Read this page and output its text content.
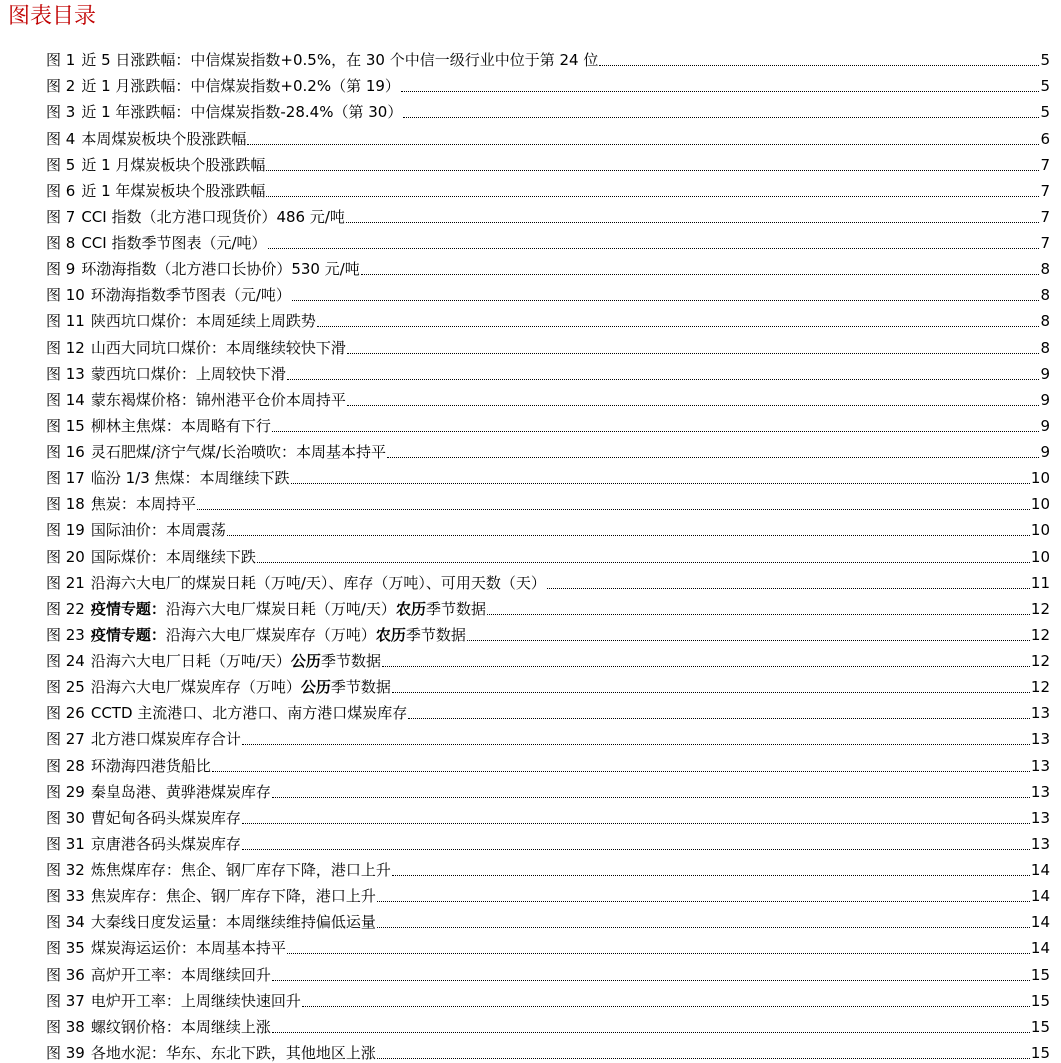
图表目录
图 1 近 5 日涨跌幅：中信煤炭指数+0.5%，在 30 个中信一级行业中位于第 24 位	5
图 2 近 1 月涨跌幅：中信煤炭指数+0.2%（第 19）	5
图 3 近 1 年涨跌幅：中信煤炭指数-28.4%（第 30）	5
图 4 本周煤炭板块个股涨跌幅	6
图 5 近 1 月煤炭板块个股涨跌幅	7
图 6 近 1 年煤炭板块个股涨跌幅	7
图 7 CCI 指数（北方港口现货价）486 元/吨	7
图 8 CCI 指数季节图表（元/吨）	7
图 9 环渤海指数（北方港口长协价）530 元/吨	8
图 10 环渤海指数季节图表（元/吨）	8
图 11 陕西坑口煤价：本周延续上周跌势	8
图 12 山西大同坑口煤价：本周继续较快下滑	8
图 13 蒙西坑口煤价：上周较快下滑	9
图 14 蒙东褐煤价格：锦州港平仓价本周持平	9
图 15 柳林主焦煤：本周略有下行	9
图 16 灵石肥煤/济宁气煤/长治喷吹：本周基本持平	9
图 17 临汾 1/3 焦煤：本周继续下跌	10
图 18 焦炭：本周持平	10
图 19 国际油价：本周震荡	10
图 20 国际煤价：本周继续下跌	10
图 21 沿海六大电厂的煤炭日耗（万吨/天）、库存（万吨）、可用天数（天）	11
图 22 疫情专题：沿海六大电厂煤炭日耗（万吨/天）农历季节数据	12
图 23 疫情专题：沿海六大电厂煤炭库存（万吨）农历季节数据	12
图 24 沿海六大电厂日耗（万吨/天）公历季节数据	12
图 25 沿海六大电厂煤炭库存（万吨）公历季节数据	12
图 26 CCTD 主流港口、北方港口、南方港口煤炭库存	13
图 27 北方港口煤炭库存合计	13
图 28 环渤海四港货船比	13
图 29 秦皇岛港、黄骅港煤炭库存	13
图 30 曹妃甸各码头煤炭库存	13
图 31 京唐港各码头煤炭库存	13
图 32 炼焦煤库存：焦企、钢厂库存下降，港口上升	14
图 33 焦炭库存：焦企、钢厂库存下降，港口上升	14
图 34 大秦线日度发运量：本周继续维持偏低运量	14
图 35 煤炭海运运价：本周基本持平	14
图 36 高炉开工率：本周继续回升	15
图 37 电炉开工率：上周继续快速回升	15
图 38 螺纹钢价格：本周继续上涨	15
图 39 各地水泥：华东、东北下跌，其他地区上涨	15
